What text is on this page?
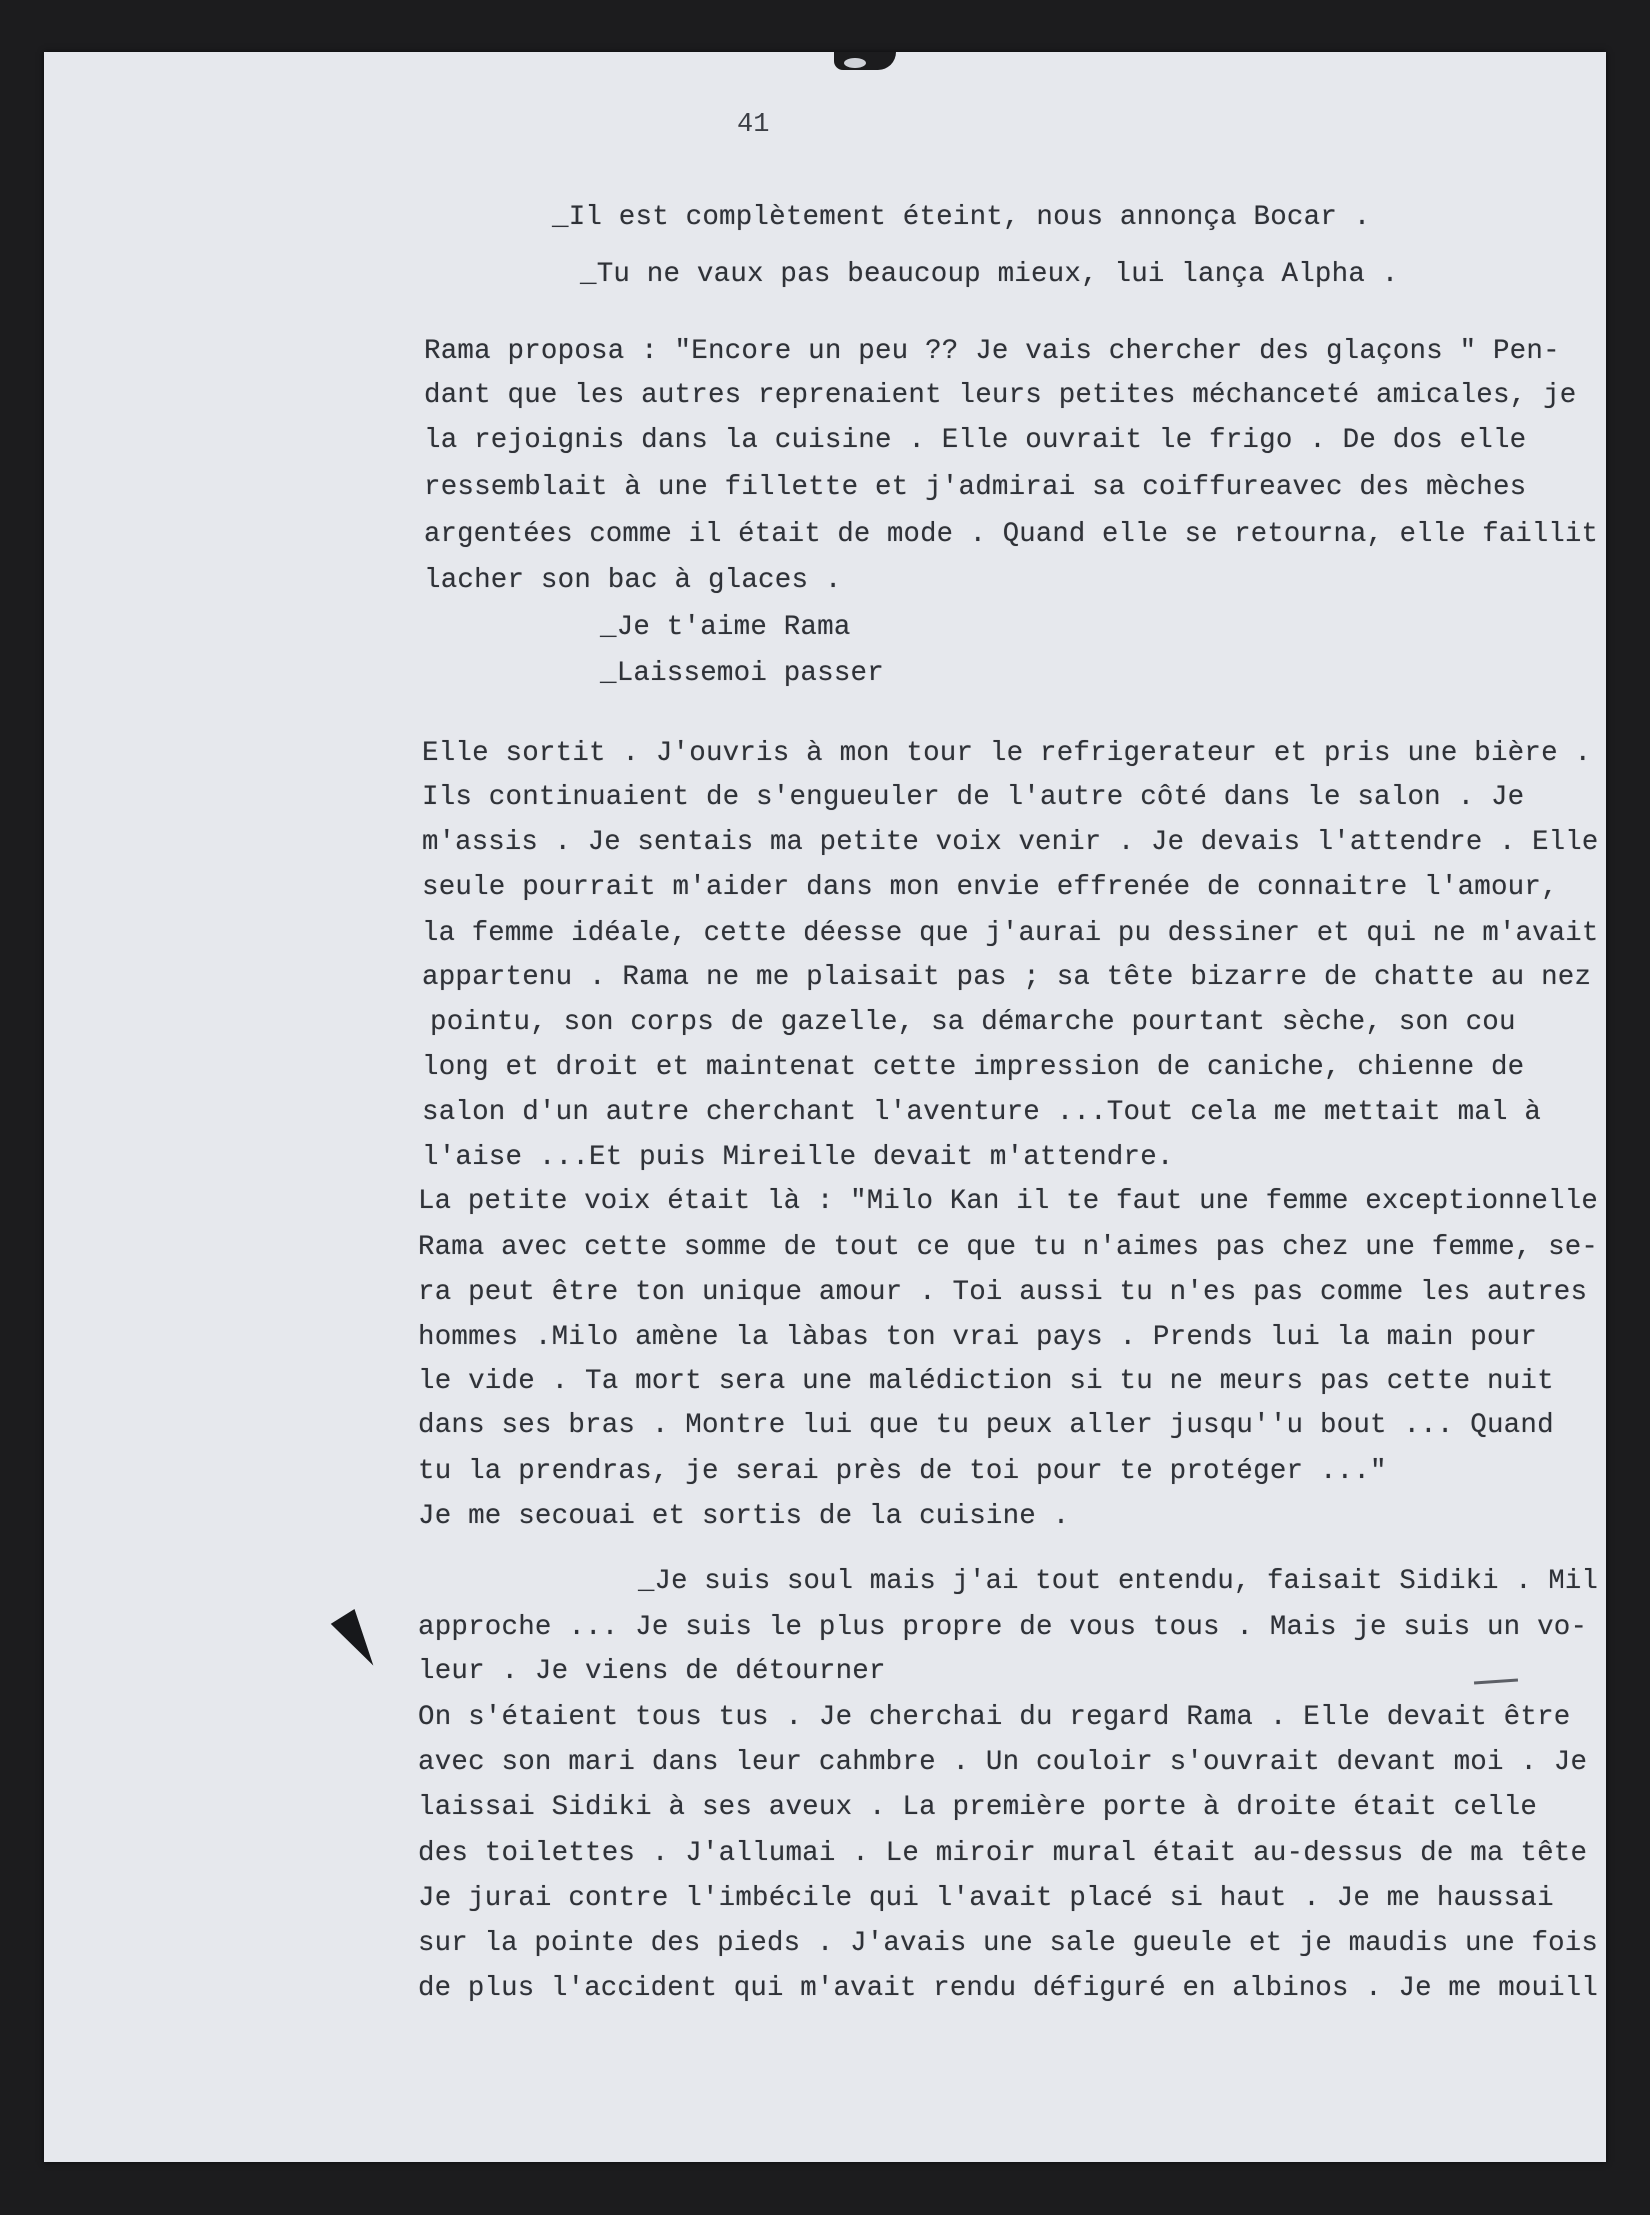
41
_Il est complètement éteint, nous annonça Bocar .
_Tu ne vaux pas beaucoup mieux, lui lança Alpha .
Rama proposa : "Encore un peu ?? Je vais chercher des glaçons " Pen-
dant que les autres reprenaient leurs petites méchanceté amicales, je
la rejoignis dans la cuisine . Elle ouvrait le frigo . De dos elle
ressemblait à une fillette et j'admirai sa coiffureavec des mèches
argentées comme il était de mode . Quand elle se retourna, elle faillit
lacher son bac à glaces .
_Je t'aime Rama
_Laissemoi passer
Elle sortit . J'ouvris à mon tour le refrigerateur et pris une bière .
Ils continuaient de s'engueuler de l'autre côté dans le salon . Je
m'assis . Je sentais ma petite voix venir . Je devais l'attendre . Elle
seule pourrait m'aider dans mon envie effrenée de connaitre l'amour,
la femme idéale, cette déesse que j'aurai pu dessiner et qui ne m'avait
appartenu . Rama ne me plaisait pas ; sa tête bizarre de chatte au nez
pointu, son corps de gazelle, sa démarche pourtant sèche, son cou
long et droit et maintenat cette impression de caniche, chienne de
salon d'un autre cherchant l'aventure ...Tout cela me mettait mal à
l'aise ...Et puis Mireille devait m'attendre.
La petite voix était là : "Milo Kan il te faut une femme exceptionnelle
Rama avec cette somme de tout ce que tu n'aimes pas chez une femme, se-
ra peut être ton unique amour . Toi aussi tu n'es pas comme les autres
hommes .Milo amène la làbas ton vrai pays . Prends lui la main pour
le vide . Ta mort sera une malédiction si tu ne meurs pas cette nuit
dans ses bras . Montre lui que tu peux aller jusqu''u bout ... Quand
tu la prendras, je serai près de toi pour te protéger ..."
Je me secouai et sortis de la cuisine .
_Je suis soul mais j'ai tout entendu, faisait Sidiki . Mil
approche ... Je suis le plus propre de vous tous . Mais je suis un vo-
leur . Je viens de détourner
On s'étaient tous tus . Je cherchai du regard Rama . Elle devait être
avec son mari dans leur cahmbre . Un couloir s'ouvrait devant moi . Je
laissai Sidiki à ses aveux . La première porte à droite était celle
des toilettes . J'allumai . Le miroir mural était au-dessus de ma tête
Je jurai contre l'imbécile qui l'avait placé si haut . Je me haussai
sur la pointe des pieds . J'avais une sale gueule et je maudis une fois
de plus l'accident qui m'avait rendu défiguré en albinos . Je me mouill
